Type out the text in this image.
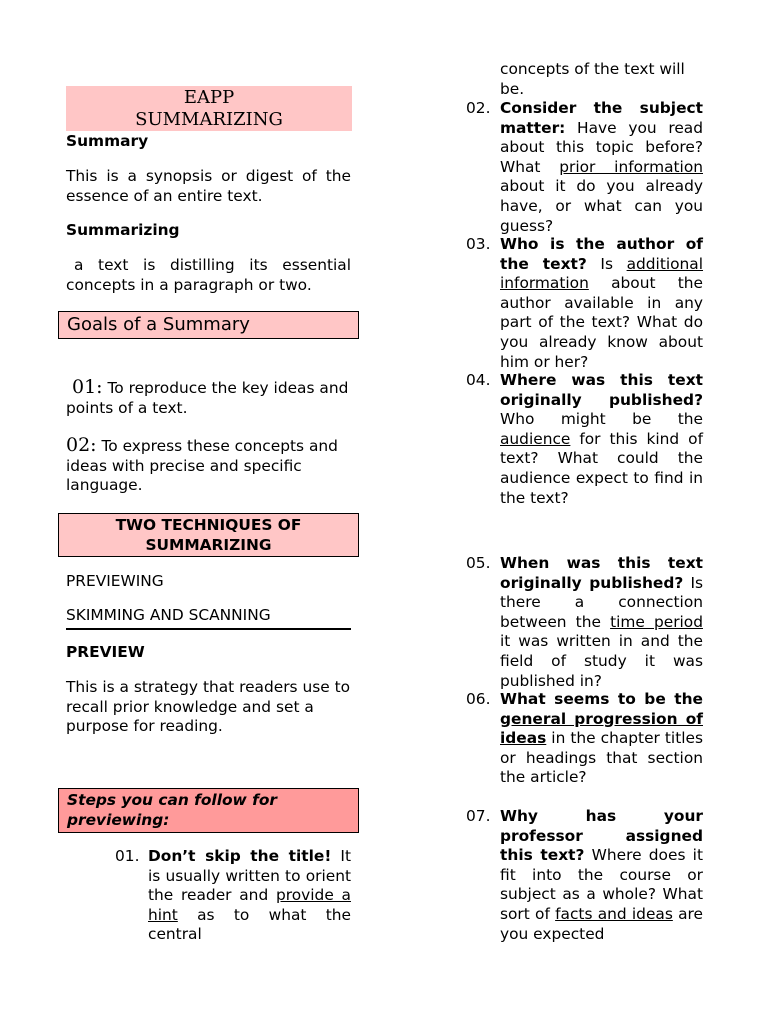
EAPP
SUMMARIZING
Summary
This is a synopsis or digest of the essence of an entire text.
Summarizing
a text is distilling its essential concepts in a paragraph or two.
Goals of a Summary
01: To reproduce the key ideas and points of a text.
02: To express these concepts and ideas with precise and specific language.
TWO TECHNIQUES OF
SUMMARIZING
PREVIEWING
SKIMMING AND SCANNING
PREVIEW
This is a strategy that readers use to recall prior knowledge and set a purpose for reading.
Steps you can follow for
previewing:
01. Don’t skip the title! It is usually written to orient the reader and provide a hint as to what the central
concepts of the text will be.
02. Consider the subject matter: Have you read about this topic before? What prior information about it do you already have, or what can you guess?
03. Who is the author of the text? Is additional information about the author available in any part of the text? What do you already know about him or her?
04. Where was this text originally published? Who might be the audience for this kind of text? What could the audience expect to find in the text?
05. When was this text originally published? Is there a connection between the time period it was written in and the field of study it was published in?
06. What seems to be the general progression of ideas in the chapter titles or headings that section the article?
07. Why has your professor assigned this text? Where does it fit into the course or subject as a whole? What sort of facts and ideas are you expected
